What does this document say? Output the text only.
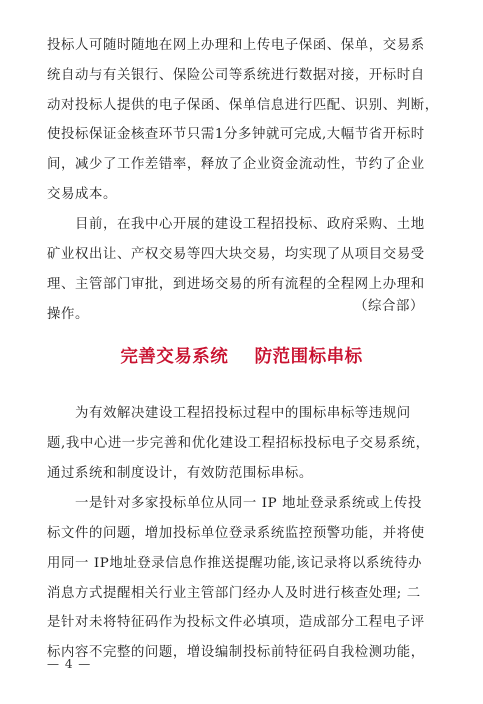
投标人可随时随地在网上办理和上传电子保函、保单，交易系
统自动与有关银行、保险公司等系统进行数据对接，开标时自
动对投标人提供的电子保函、保单信息进行匹配、识别、判断，
使投标保证金核查环节只需1分多钟就可完成,大幅节省开标时
间，减少了工作差错率，释放了企业资金流动性，节约了企业
交易成本。
目前，在我中心开展的建设工程招投标、政府采购、土地
矿业权出让、产权交易等四大块交易，均实现了从项目交易受
理、主管部门审批，到进场交易的所有流程的全程网上办理和
操作。
（综合部）
完善交易系统    防范围标串标
为有效解决建设工程招投标过程中的围标串标等违规问
题,我中心进一步完善和优化建设工程招标投标电子交易系统，
通过系统和制度设计，有效防范围标串标。
一是针对多家投标单位从同一 IP 地址登录系统或上传投
标文件的问题，增加投标单位登录系统监控预警功能，并将使
用同一 IP地址登录信息作推送提醒功能,该记录将以系统待办
消息方式提醒相关行业主管部门经办人及时进行核查处理; 二
是针对未将特征码作为投标文件必填项，造成部分工程电子评
标内容不完整的问题，增设编制投标前特征码自我检测功能，
— 4 —
